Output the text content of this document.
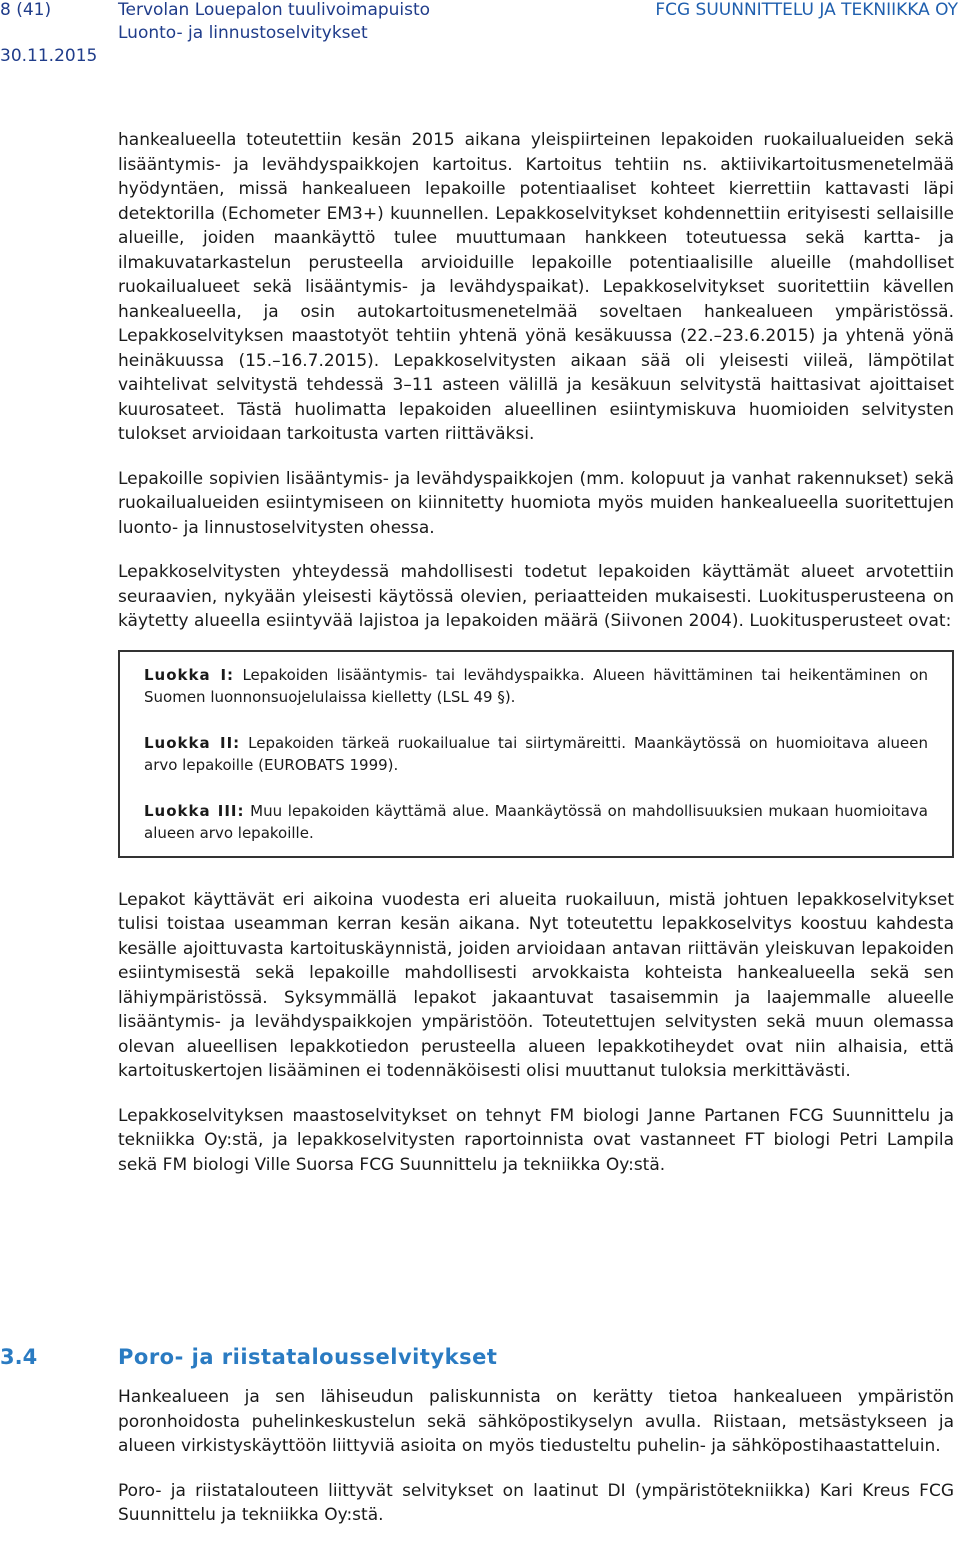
8 (41)	Tervolan Louepalon tuulivoimapuisto
Luonto- ja linnustoselvitykset
30.11.2015
FCG SUUNNITTELU JA TEKNIIKKA OY

hankealueella toteutettiin kesän 2015 aikana yleispiirteinen lepakoiden ruokailualueiden sekä lisääntymis- ja levähdyspaikkojen kartoitus. Kartoitus tehtiin ns. aktiivikartoitusmenetelmää hyödyntäen, missä hankealueen lepakoille potentiaaliset kohteet kierrettiin kattavasti läpi detektorilla (Echometer EM3+) kuunnellen. Lepakkoselvitykset kohdennettiin erityisesti sellaisille alueille, joiden maankäyttö tulee muuttumaan hankkeen toteutuessa sekä kartta- ja ilmakuvatarkastelun perusteella arvioiduille lepakoille potentiaalisille alueille (mahdolliset ruokailualueet sekä lisääntymis- ja levähdyspaikat). Lepakkoselvitykset suoritettiin kävellen hankealueella, ja osin autokartoitusmenetelmää soveltaen hankealueen ympäristössä. Lepakkoselvityksen maastotyöt tehtiin yhtenä yönä kesäkuussa (22.–23.6.2015) ja yhtenä yönä heinäkuussa (15.–16.7.2015). Lepakkoselvitysten aikaan sää oli yleisesti viileä, lämpötilat vaihtelivat selvitystä tehdessä 3–11 asteen välillä ja kesäkuun selvitystä haittasivat ajoittaiset kuurosateet. Tästä huolimatta lepakoiden alueellinen esiintymiskuva huomioiden selvitysten tulokset arvioidaan tarkoitusta varten riittäväksi.

Lepakoille sopivien lisääntymis- ja levähdyspaikkojen (mm. kolopuut ja vanhat rakennukset) sekä ruokailualueiden esiintymiseen on kiinnitetty huomiota myös muiden hankealueella suoritettujen luonto- ja linnustoselvitysten ohessa.

Lepakkoselvitysten yhteydessä mahdollisesti todetut lepakoiden käyttämät alueet arvotettiin seuraavien, nykyään yleisesti käytössä olevien, periaatteiden mukaisesti. Luokitusperusteena on käytetty alueella esiintyvää lajistoa ja lepakoiden määrä (Siivonen 2004). Luokitusperusteet ovat:

Luokka I: Lepakoiden lisääntymis- tai levähdyspaikka. Alueen hävittäminen tai heikentäminen on Suomen luonnonsuojelulaissa kielletty (LSL 49 §).

Luokka II: Lepakoiden tärkeä ruokailualue tai siirtymäreitti. Maankäytössä on huomioitava alueen arvo lepakoille (EUROBATS 1999).

Luokka III: Muu lepakoiden käyttämä alue. Maankäytössä on mahdollisuuksien mukaan huomioitava alueen arvo lepakoille.

Lepakot käyttävät eri aikoina vuodesta eri alueita ruokailuun, mistä johtuen lepakkoselvitykset tulisi toistaa useamman kerran kesän aikana. Nyt toteutettu lepakkoselvitys koostuu kahdesta kesälle ajoittuvasta kartoituskäynnistä, joiden arvioidaan antavan riittävän yleiskuvan lepakoiden esiintymisestä sekä lepakoille mahdollisesti arvokkaista kohteista hankealueella sekä sen lähiympäristössä. Syksymmällä lepakot jakaantuvat tasaisemmin ja laajemmalle alueelle lisääntymis- ja levähdyspaikkojen ympäristöön. Toteutettujen selvitysten sekä muun olemassa olevan alueellisen lepakkotiedon perusteella alueen lepakkotiheydet ovat niin alhaisia, että kartoituskertojen lisääminen ei todennäköisesti olisi muuttanut tuloksia merkittävästi.

Lepakkoselvityksen maastoselvitykset on tehnyt FM biologi Janne Partanen FCG Suunnittelu ja tekniikka Oy:stä, ja lepakkoselvitysten raportoinnista ovat vastanneet FT biologi Petri Lampila sekä FM biologi Ville Suorsa FCG Suunnittelu ja tekniikka Oy:stä.

3.4	Poro- ja riistatalousselvitykset

Hankealueen ja sen lähiseudun paliskunnista on kerätty tietoa hankealueen ympäristön poronhoidosta puhelinkeskustelun sekä sähköpostikyselyn avulla. Riistaan, metsästykseen ja alueen virkistyskäyttöön liittyviä asioita on myös tiedusteltu puhelin- ja sähköpostihaastatteluin.

Poro- ja riistatalouteen liittyvät selvitykset on laatinut DI (ympäristötekniikka) Kari Kreus FCG Suunnittelu ja tekniikka Oy:stä.
